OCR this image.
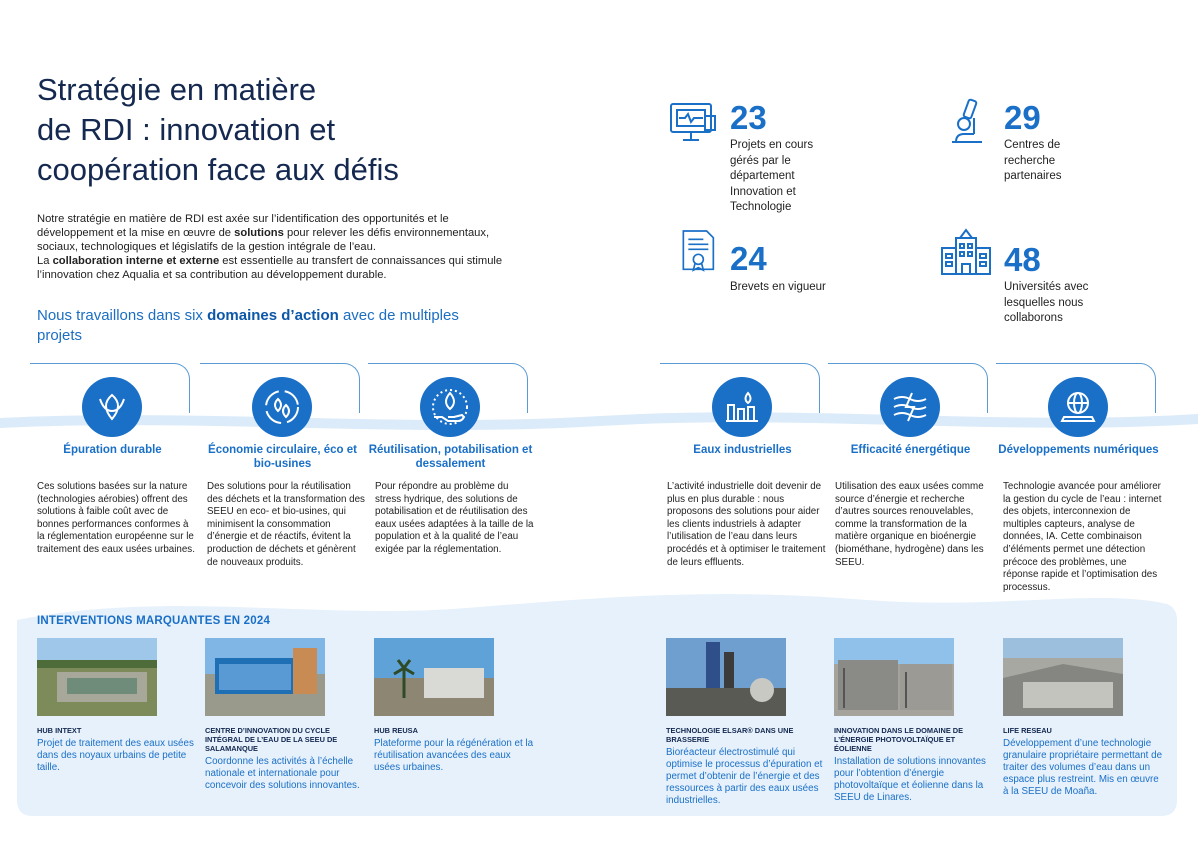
Stratégie en matière
de RDI : innovation et
coopération face aux défis
Notre stratégie en matière de RDI est axée sur l’identification des opportunités et le développement et la mise en œuvre de solutions pour relever les défis environnementaux, sociaux, technologiques et législatifs de la gestion intégrale de l’eau.
La collaboration interne et externe est essentielle au transfert de connaissances qui stimule l’innovation chez Aqualia et sa contribution au développement durable.
Nous travaillons dans six domaines d’action avec de multiples projets
23
Projets en cours gérés par le département Innovation et Technologie
29
Centres de recherche partenaires
24
Brevets en vigueur
48
Universités avec lesquelles nous collaborons
Épuration durable
Ces solutions basées sur la nature (technologies aérobies) offrent des solutions à faible coût avec de bonnes performances conformes à la réglementation européenne sur le traitement des eaux usées urbaines.
Économie circulaire, éco et bio-usines
Des solutions pour la réutilisation des déchets et la transformation des SEEU en eco- et bio-usines, qui minimisent la consommation d’énergie et de réactifs, évitent la production de déchets et génèrent de nouveaux produits.
Réutilisation, potabilisation et dessalement
Pour répondre au problème du stress hydrique, des solutions de potabilisation et de réutilisation des eaux usées adaptées à la taille de la population et à la qualité de l’eau exigée par la réglementation.
Eaux industrielles
L’activité industrielle doit devenir de plus en plus durable : nous proposons des solutions pour aider les clients industriels à adapter l’utilisation de l’eau dans leurs procédés et à optimiser le traitement de leurs effluents.
Efficacité énergétique
Utilisation des eaux usées comme source d’énergie et recherche d’autres sources renouvelables, comme la transformation de la matière organique en bioénergie (biométhane, hydrogène) dans les SEEU.
Développements numériques
Technologie avancée pour améliorer la gestion du cycle de l’eau : internet des objets, interconnexion de multiples capteurs, analyse de données, IA. Cette combinaison d’éléments permet une détection précoce des problèmes, une réponse rapide et l’optimisation des processus.
INTERVENTIONS MARQUANTES EN 2024
HUB INTEXT
Projet de traitement des eaux usées dans des noyaux urbains de petite taille.
CENTRE D’INNOVATION DU CYCLE INTÉGRAL DE L’EAU DE LA SEEU DE SALAMANQUE
Coordonne les activités à l’échelle nationale et internationale pour concevoir des solutions innovantes.
HUB REUSA
Plateforme pour la régénération et la réutilisation avancées des eaux usées urbaines.
TECHNOLOGIE ELSAR® DANS UNE BRASSERIE
Bioréacteur électrostimulé qui optimise le processus d’épuration et permet d’obtenir de l’énergie et des ressources à partir des eaux usées industrielles.
INNOVATION DANS LE DOMAINE DE L’ÉNERGIE PHOTOVOLTAÏQUE ET ÉOLIENNE
Installation de solutions innovantes pour l’obtention d’énergie photovoltaïque et éolienne dans la SEEU de Linares.
LIFE RESEAU
Développement d’une technologie granulaire propriétaire permettant de traiter des volumes d’eau dans un espace plus restreint. Mis en œuvre à la SEEU de Moaña.
